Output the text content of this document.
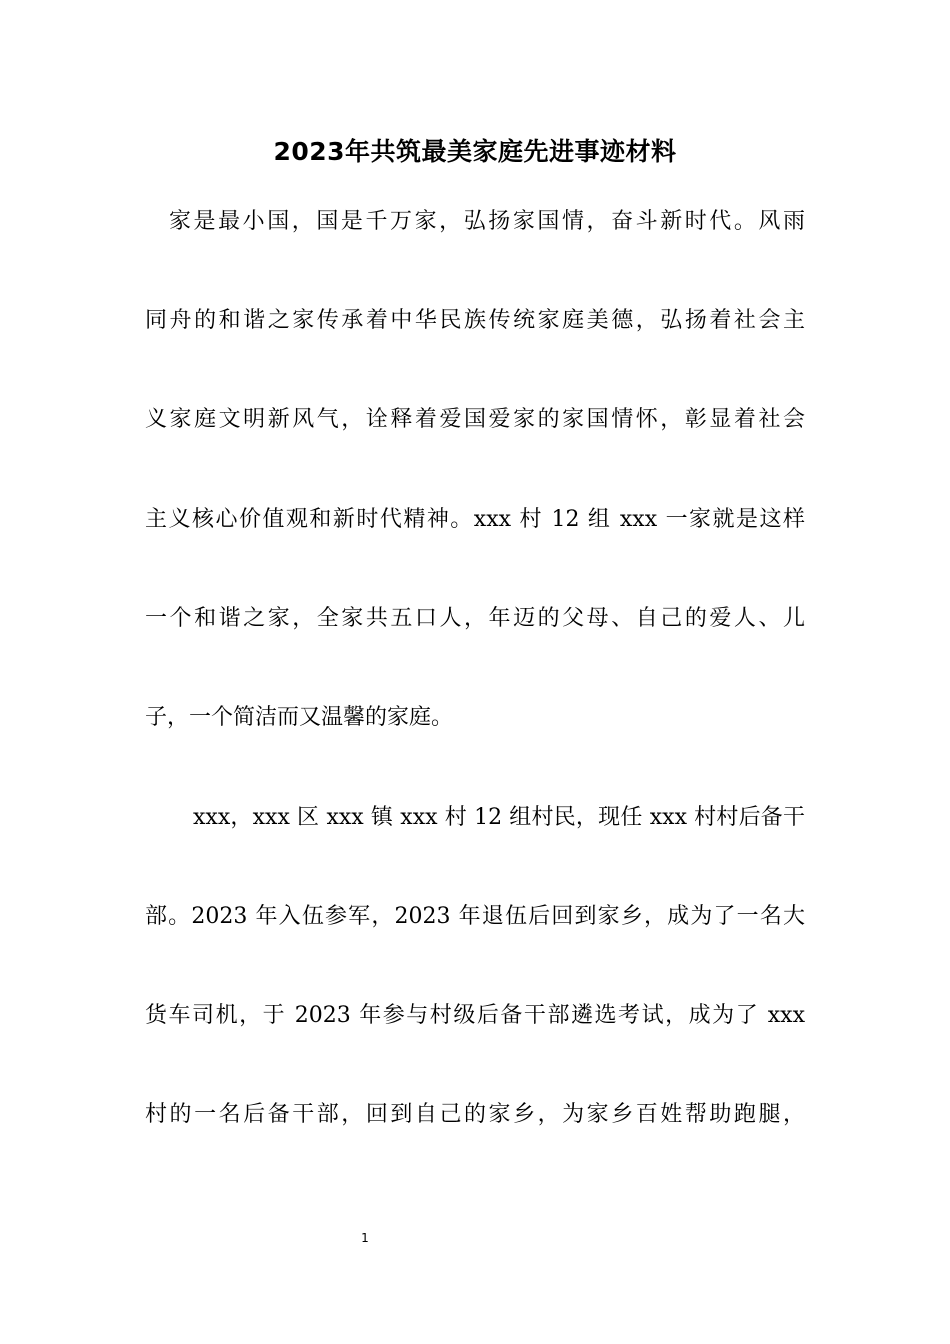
2023年共筑最美家庭先进事迹材料
家是最小国，国是千万家，弘扬家国情，奋斗新时代。风雨
同舟的和谐之家传承着中华民族传统家庭美德，弘扬着社会主
义家庭文明新风气，诠释着爱国爱家的家国情怀，彰显着社会
主义核心价值观和新时代精神。xxx 村 12 组 xxx 一家就是这样
一个和谐之家，全家共五口人，年迈的父母、自己的爱人、儿
子，一个简洁而又温馨的家庭。
xxx，xxx 区 xxx 镇 xxx 村 12 组村民，现任 xxx 村村后备干
部。2023 年入伍参军，2023 年退伍后回到家乡，成为了一名大
货车司机，于 2023 年参与村级后备干部遴选考试，成为了 xxx
村的一名后备干部，回到自己的家乡，为家乡百姓帮助跑腿，
1
